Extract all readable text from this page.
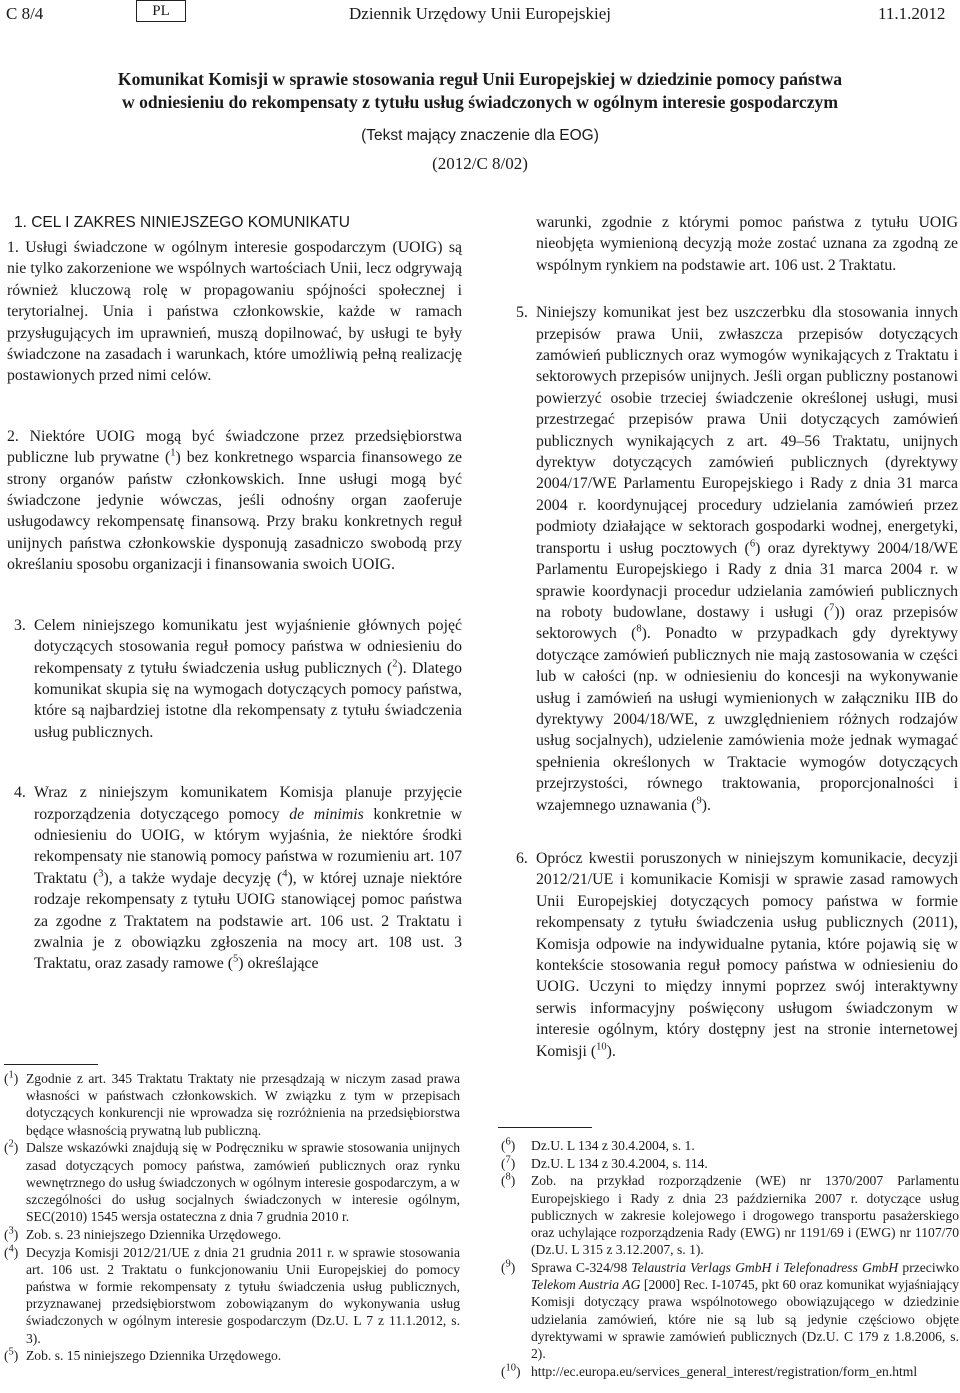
C 8/4	PL	Dziennik Urzędowy Unii Europejskiej	11.1.2012
Komunikat Komisji w sprawie stosowania reguł Unii Europejskiej w dziedzinie pomocy państwa
w odniesieniu do rekompensaty z tytułu usług świadczonych w ogólnym interesie gospodarczym
(Tekst mający znaczenie dla EOG)
(2012/C 8/02)
1. CEL I ZAKRES NINIEJSZEGO KOMUNIKATU

1. Usługi świadczone w ogólnym interesie gospodarczym (UOIG) są nie tylko zakorzenione we wspólnych wartościach Unii, lecz odgrywają również kluczową rolę w propagowaniu spójności społecznej i terytorialnej. Unia i państwa członkowskie, każde w ramach przysługujących im uprawnień, muszą dopilnować, by usługi te były świadczone na zasadach i warunkach, które umożliwią pełną realizację postawionych przed nimi celów.

2. Niektóre UOIG mogą być świadczone przez przedsiębiorstwa publiczne lub prywatne ($^1$) bez konkretnego wsparcia finansowego ze strony organów państw członkowskich. Inne usługi mogą być świadczone jedynie wówczas, jeśli odnośny organ zaoferuje usługodawcy rekompensatę finansową. Przy braku konkretnych reguł unijnych państwa członkowskie dysponują zasadniczo swobodą przy określaniu sposobu organizacji i finansowania swoich UOIG.

3. Celem niniejszego komunikatu jest wyjaśnienie głównych pojęć dotyczących stosowania reguł pomocy państwa w odniesieniu do rekompensaty z tytułu świadczenia usług publicznych ($^2$). Dlatego komunikat skupia się na wymogach dotyczących pomocy państwa, które są najbardziej istotne dla rekompensaty z tytułu świadczenia usług publicznych.

4. Wraz z niniejszym komunikatem Komisja planuje przyjęcie rozporządzenia dotyczącego pomocy de minimis konkretnie w odniesieniu do UOIG, w którym wyjaśnia, że niektóre środki rekompensaty nie stanowią pomocy państwa w rozumieniu art. 107 Traktatu ($^3$), a także wydaje decyzję ($^4$), w której uznaje niektóre rodzaje rekompensaty z tytułu UOIG stanowiącej pomoc państwa za zgodne z Traktatem na podstawie art. 106 ust. 2 Traktatu i zwalnia je z obowiązku zgłoszenia na mocy art. 108 ust. 3 Traktatu, oraz zasady ramowe ($^5$) określające

($^1$) Zgodnie z art. 345 Traktatu Traktaty nie przesądzają w niczym zasad prawa własności w państwach członkowskich. W związku z tym w przepisach dotyczących konkurencji nie wprowadza się rozróżnienia na przedsiębiorstwa będące własnością prywatną lub publiczną.
($^2$) Dalsze wskazówki znajdują się w Podręczniku w sprawie stosowania unijnych zasad dotyczących pomocy państwa, zamówień publicznych oraz rynku wewnętrznego do usług świadczonych w ogólnym interesie gospodarczym, a w szczególności do usług socjalnych świadczonych w interesie ogólnym, SEC(2010) 1545 wersja ostateczna z dnia 7 grudnia 2010 r.
($^3$) Zob. s. 23 niniejszego Dziennika Urzędowego.
($^4$) Decyzja Komisji 2012/21/UE z dnia 21 grudnia 2011 r. w sprawie stosowania art. 106 ust. 2 Traktatu o funkcjonowaniu Unii Europejskiej do pomocy państwa w formie rekompensaty z tytułu świadczenia usług publicznych, przyznawanej przedsiębiorstwom zobowiązanym do wykonywania usług świadczonych w ogólnym interesie gospodarczym (Dz.U. L 7 z 11.1.2012, s. 3).
($^5$) Zob. s. 15 niniejszego Dziennika Urzędowego.

warunki, zgodnie z którymi pomoc państwa z tytułu UOIG nieobjęta wymienioną decyzją może zostać uznana za zgodną ze wspólnym rynkiem na podstawie art. 106 ust. 2 Traktatu.

5. Niniejszy komunikat jest bez uszczerbku dla stosowania innych przepisów prawa Unii, zwłaszcza przepisów dotyczących zamówień publicznych oraz wymogów wynikających z Traktatu i sektorowych przepisów unijnych. Jeśli organ publiczny postanowi powierzyć osobie trzeciej świadczenie określonej usługi, musi przestrzegać przepisów prawa Unii dotyczących zamówień publicznych wynikających z art. 49–56 Traktatu, unijnych dyrektyw dotyczących zamówień publicznych (dyrektywy 2004/17/WE Parlamentu Europejskiego i Rady z dnia 31 marca 2004 r. koordynującej procedury udzielania zamówień przez podmioty działające w sektorach gospodarki wodnej, energetyki, transportu i usług pocztowych ($^6$) oraz dyrektywy 2004/18/WE Parlamentu Europejskiego i Rady z dnia 31 marca 2004 r. w sprawie koordynacji procedur udzielania zamówień publicznych na roboty budowlane, dostawy i usługi ($^7$)) oraz przepisów sektorowych ($^8$). Ponadto w przypadkach gdy dyrektywy dotyczące zamówień publicznych nie mają zastosowania w części lub w całości (np. w odniesieniu do koncesji na wykonywanie usług i zamówień na usługi wymienionych w załączniku IIB do dyrektywy 2004/18/WE, z uwzględnieniem różnych rodzajów usług socjalnych), udzielenie zamówienia może jednak wymagać spełnienia określonych w Traktacie wymogów dotyczących przejrzystości, równego traktowania, proporcjonalności i wzajemnego uznawania ($^9$).

6. Oprócz kwestii poruszonych w niniejszym komunikacie, decyzji 2012/21/UE i komunikacie Komisji w sprawie zasad ramowych Unii Europejskiej dotyczących pomocy państwa w formie rekompensaty z tytułu świadczenia usług publicznych (2011), Komisja odpowie na indywidualne pytania, które pojawią się w kontekście stosowania reguł pomocy państwa w odniesieniu do UOIG. Uczyni to między innymi poprzez swój interaktywny serwis informacyjny poświęcony usługom świadczonym w interesie ogólnym, który dostępny jest na stronie internetowej Komisji ($^{10}$).

($^6$) Dz.U. L 134 z 30.4.2004, s. 1.
($^7$) Dz.U. L 134 z 30.4.2004, s. 114.
($^8$) Zob. na przykład rozporządzenie (WE) nr 1370/2007 Parlamentu Europejskiego i Rady z dnia 23 października 2007 r. dotyczące usług publicznych w zakresie kolejowego i drogowego transportu pasażerskiego oraz uchylające rozporządzenia Rady (EWG) nr 1191/69 i (EWG) nr 1107/70 (Dz.U. L 315 z 3.12.2007, s. 1).
($^9$) Sprawa C-324/98 Telaustria Verlags GmbH i Telefonadress GmbH przeciwko Telekom Austria AG [2000] Rec. I-10745, pkt 60 oraz komunikat wyjaśniający Komisji dotyczący prawa wspólnotowego obowiązującego w dziedzinie udzielania zamówień, które nie są lub są jedynie częściowo objęte dyrektywami w sprawie zamówień publicznych (Dz.U. C 179 z 1.8.2006, s. 2).
($^{10}$) http://ec.europa.eu/services_general_interest/registration/form_en.html
